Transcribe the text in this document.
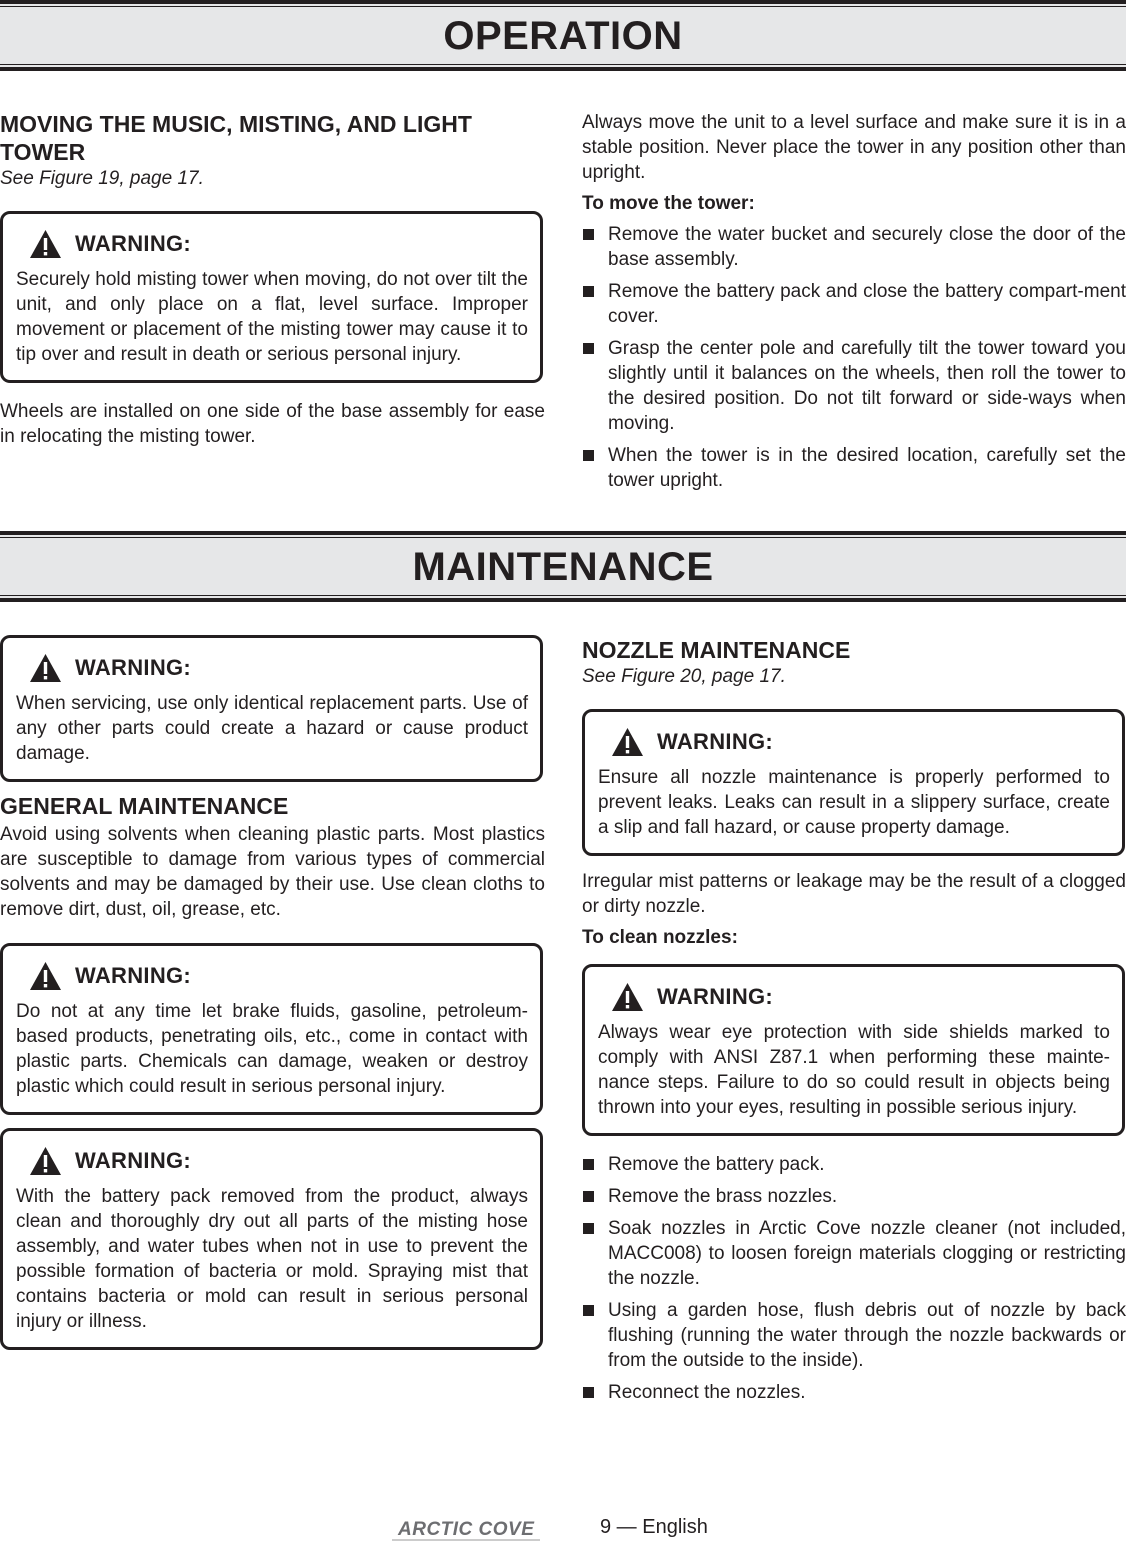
OPERATION
MOVING THE MUSIC, MISTING, AND LIGHT TOWER
See Figure 19, page 17.
WARNING:

Securely hold misting tower when moving, do not over tilt the unit, and only place on a flat, level surface. Improper movement or placement of the misting tower may cause it to tip over and result in death or serious personal injury.

Wheels are installed on one side of the base assembly for ease in relocating the misting tower.

Always move the unit to a level surface and make sure it is in a stable position. Never place the tower in any position other than upright.

To move the tower:
Remove the water bucket and securely close the door of the base assembly.
Remove the battery pack and close the battery compart-ment cover.
Grasp the center pole and carefully tilt the tower toward you slightly until it balances on the wheels, then roll the tower to the desired position. Do not tilt forward or side-ways when moving.
When the tower is in the desired location, carefully set the tower upright.
MAINTENANCE
WARNING:

When servicing, use only identical replacement parts. Use of any other parts could create a hazard or cause product damage.

GENERAL MAINTENANCE

Avoid using solvents when cleaning plastic parts. Most plastics are susceptible to damage from various types of commercial solvents and may be damaged by their use. Use clean cloths to remove dirt, dust, oil, grease, etc.

WARNING:

Do not at any time let brake fluids, gasoline, petroleum-based products, penetrating oils, etc., come in contact with plastic parts. Chemicals can damage, weaken or destroy plastic which could result in serious personal injury.

WARNING:

With the battery pack removed from the product, always clean and thoroughly dry out all parts of the misting hose assembly, and water tubes when not in use to prevent the possible formation of bacteria or mold. Spraying mist that contains bacteria or mold can result in serious personal injury or illness.

NOZZLE MAINTENANCE
See Figure 20, page 17.
WARNING:

Ensure all nozzle maintenance is properly performed to prevent leaks. Leaks can result in a slippery surface, create a slip and fall hazard, or cause property damage.

Irregular mist patterns or leakage may be the result of a clogged or dirty nozzle.

To clean nozzles:
WARNING:

Always wear eye protection with side shields marked to comply with ANSI Z87.1 when performing these mainte-nance steps. Failure to do so could result in objects being thrown into your eyes, resulting in possible serious injury.

Remove the battery pack.
Remove the brass nozzles.
Soak nozzles in Arctic Cove nozzle cleaner (not included, MACC008) to loosen foreign materials clogging or restricting the nozzle.
Using a garden hose, flush debris out of nozzle by back flushing (running the water through the nozzle backwards or from the outside to the inside).
Reconnect the nozzles.
ARCTIC COVE	9 — English
